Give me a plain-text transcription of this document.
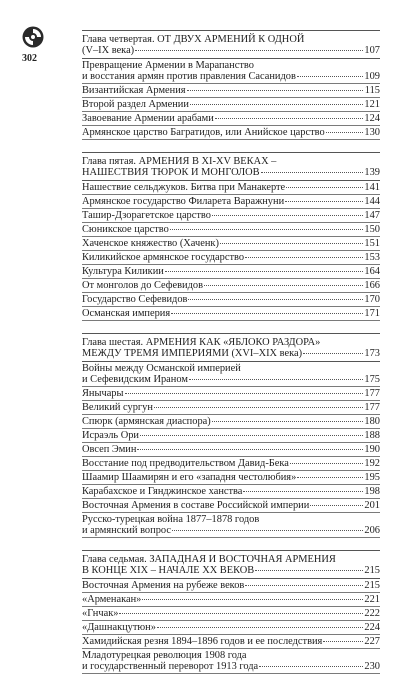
302
Глава четвертая. ОТ ДВУХ АРМЕНИЙ К ОДНОЙ
(V–IX века)	107
Превращение Армении в Марапанство
и восстания армян против правления Сасанидов	109
Византийская Армения	115
Второй раздел Армении	121
Завоевание Армении арабами	124
Армянское царство Багратидов, или Анийское царство	130
Глава пятая. АРМЕНИЯ В XI-XV ВЕКАХ –
НАШЕСТВИЯ ТЮРОК И МОНГОЛОВ	139
Нашествие сельджуков. Битва при Манакерте	141
Армянское государство Филарета Варажнуни	144
Ташир-Дзорагетское царство	147
Сюникское царство	150
Хаченское княжество (Хаченк)	151
Киликийское армянское государство	153
Культура Киликии	164
От монголов до Сефевидов	166
Государство Сефевидов	170
Османская империя	171
Глава шестая. АРМЕНИЯ КАК «ЯБЛОКО РАЗДОРА»
МЕЖДУ ТРЕМЯ ИМПЕРИЯМИ (XVI–XIX века)	173
Войны между Османской империей
и Сефевидским Ираном	175
Янычары	177
Великий сургун	177
Спюрк (армянская диаспора)	180
Исраэль Ори	188
Овсеп Эмин	190
Восстание под предводительством Давид-Бека	192
Шаамир Шаамирян и его «западня честолюбия»	195
Карабахское и Гянджинское ханства	198
Восточная Армения в составе Российской империи	201
Русско-турецкая война 1877–1878 годов
и армянский вопрос	206
Глава седьмая. ЗАПАДНАЯ И ВОСТОЧНАЯ АРМЕНИЯ
В КОНЦЕ XIX – НАЧАЛЕ XX ВЕКОВ	215
Восточная Армения на рубеже веков	215
«Арменакан»	221
«Гнчак»	222
«Дашнакцутюн»	224
Хамидийская резня 1894–1896 годов и ее последствия	227
Младотурецкая революция 1908 года
и государственный переворот 1913 года	230
